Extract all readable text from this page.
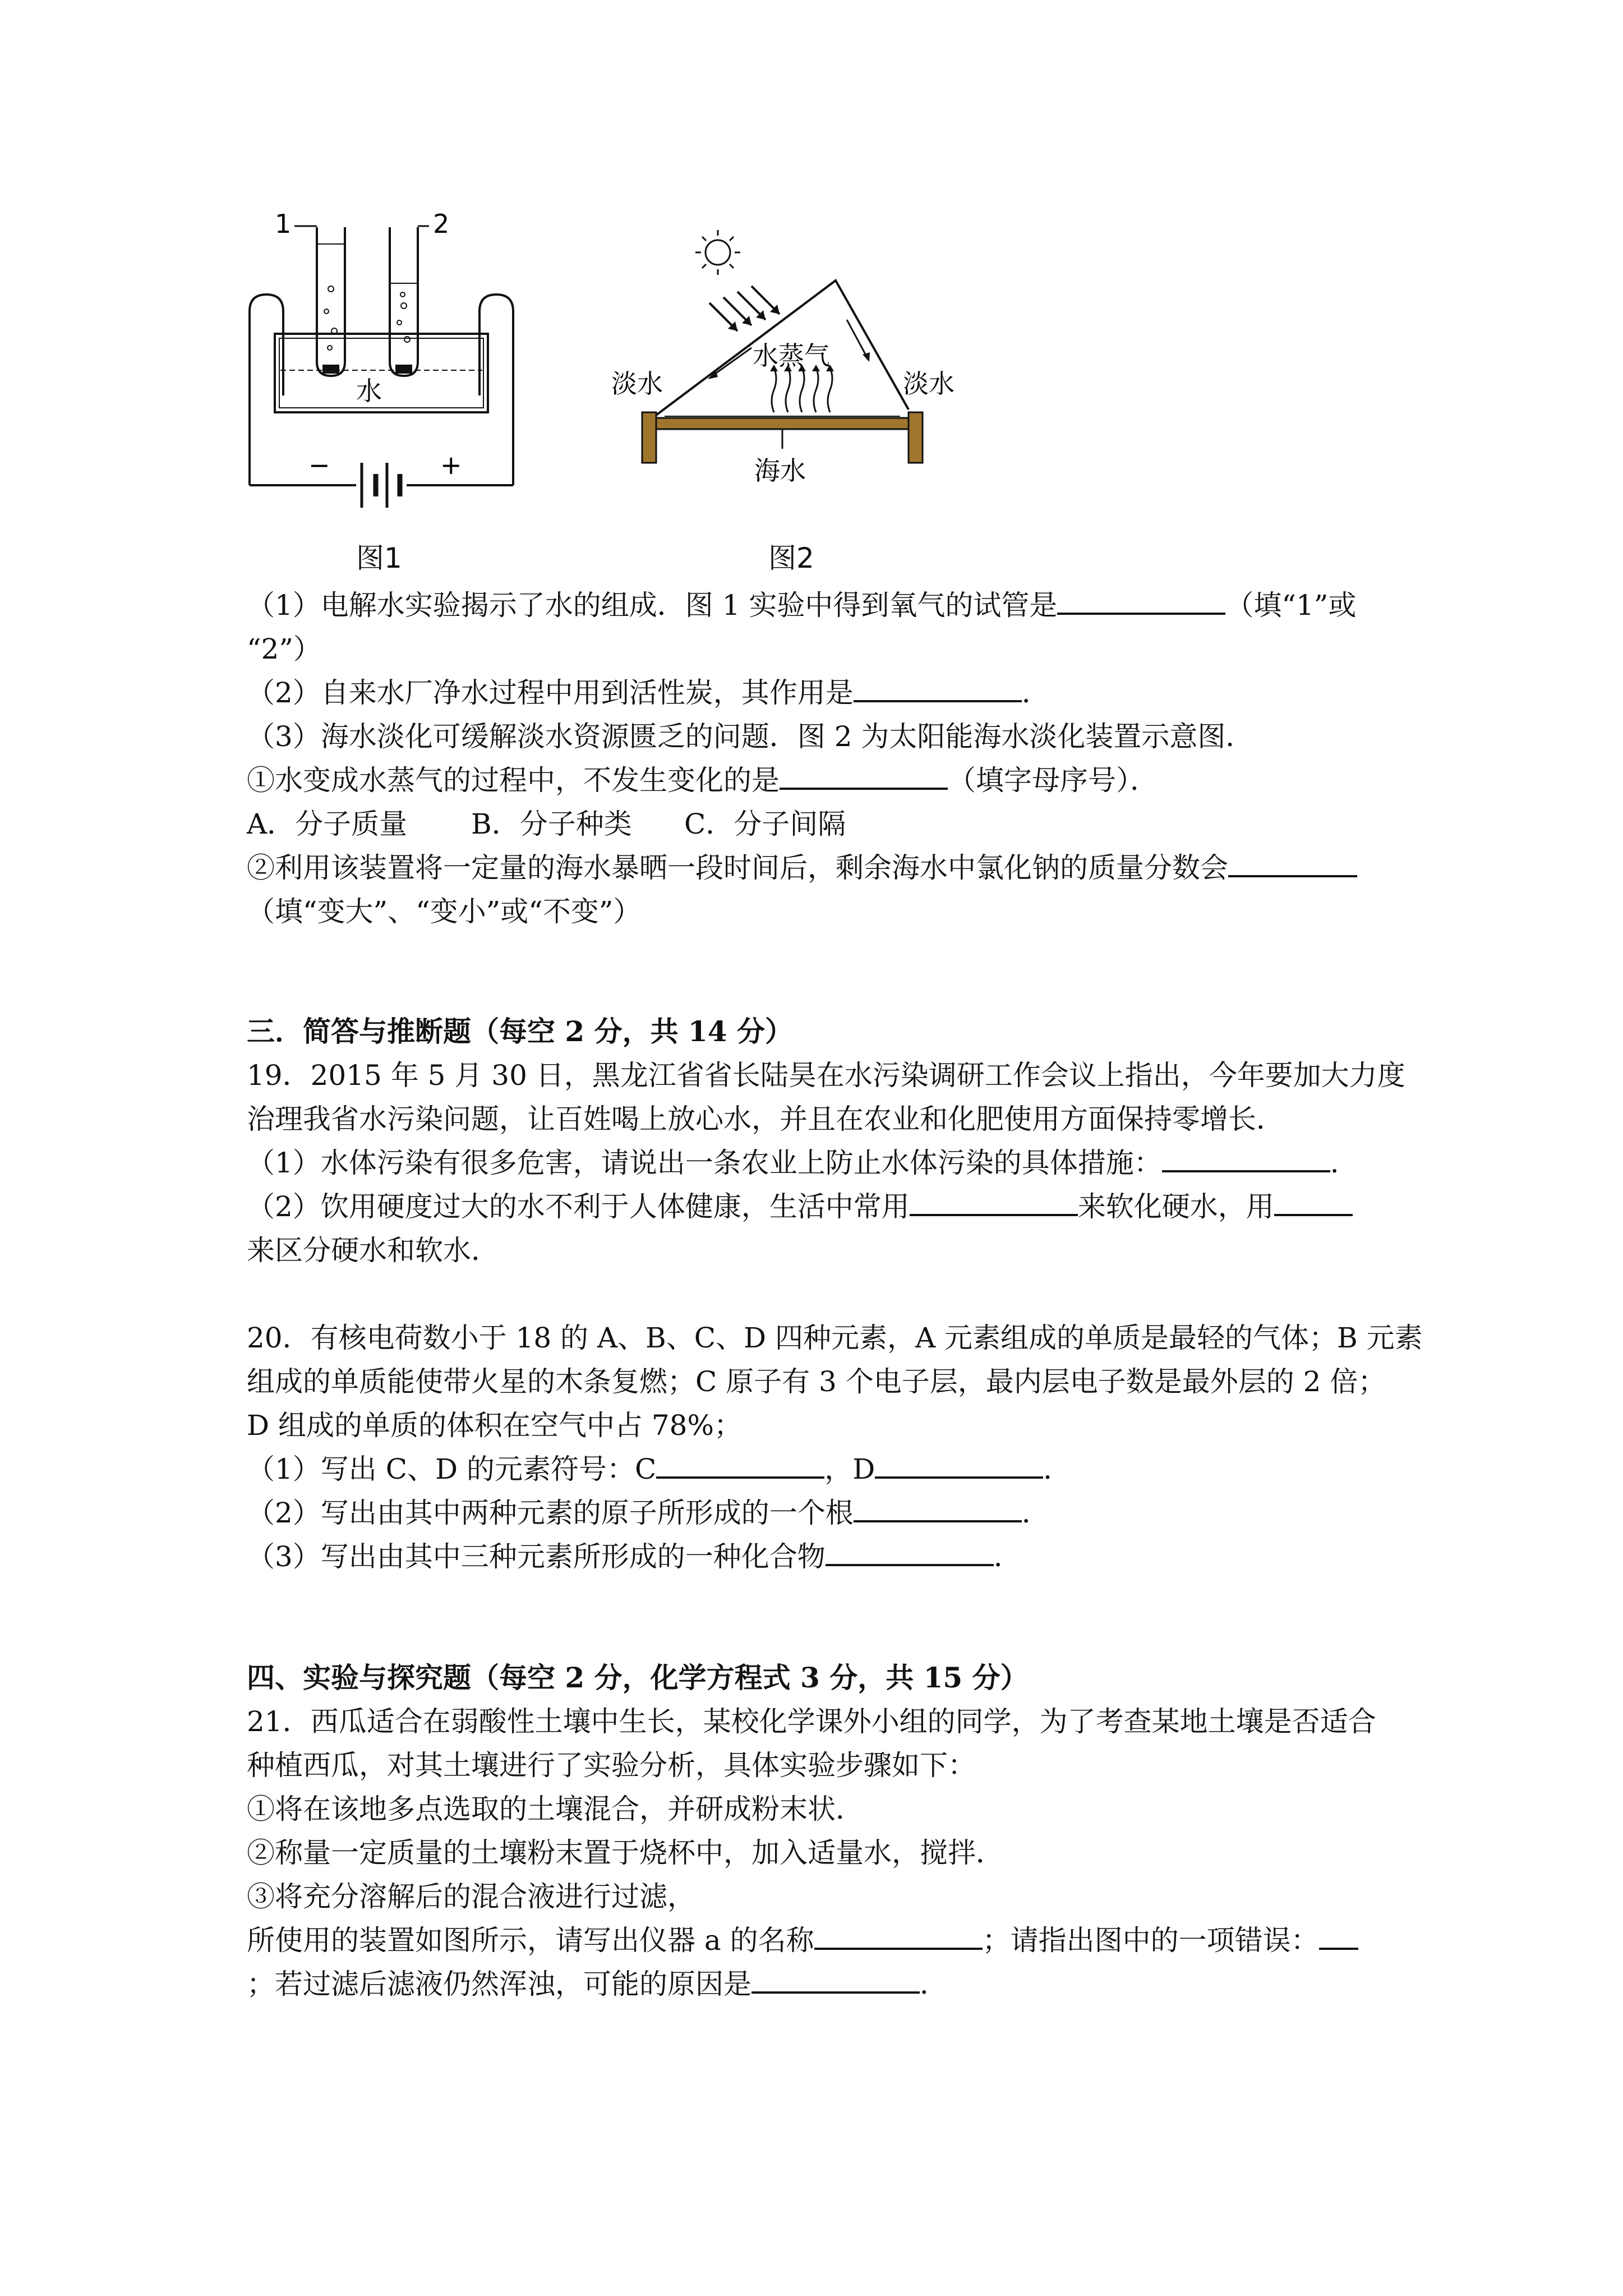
1	2
水
−	+
图1
淡水	淡水
水蒸气
海水
图2
（1）电解水实验揭示了水的组成．图 1 实验中得到氧气的试管是	（填“1”或
“2”）
（2）自来水厂净水过程中用到活性炭，其作用是	．
（3）海水淡化可缓解淡水资源匮乏的问题．图 2 为太阳能海水淡化装置示意图．
①水变成水蒸气的过程中，不发生变化的是	（填字母序号）．
A．分子质量 B．分子种类 C．分子间隔
②利用该装置将一定量的海水暴晒一段时间后，剩余海水中氯化钠的质量分数会
（填“变大”、“变小”或“不变”）
三．简答与推断题（每空 2 分，共 14 分）
19．2015 年 5 月 30 日，黑龙江省省长陆昊在水污染调研工作会议上指出，今年要加大力度
治理我省水污染问题，让百姓喝上放心水，并且在农业和化肥使用方面保持零增长．
（1）水体污染有很多危害，请说出一条农业上防止水体污染的具体措施：	．
（2）饮用硬度过大的水不利于人体健康，生活中常用	来软化硬水，用
来区分硬水和软水．
20．有核电荷数小于 18 的 A、B、C、D 四种元素，A 元素组成的单质是最轻的气体；B 元素
组成的单质能使带火星的木条复燃；C 原子有 3 个电子层，最内层电子数是最外层的 2 倍；
D 组成的单质的体积在空气中占 78%；
（1）写出 C、D 的元素符号：C	，D	．
（2）写出由其中两种元素的原子所形成的一个根	．
（3）写出由其中三种元素所形成的一种化合物	．
四、实验与探究题（每空 2 分，化学方程式 3 分，共 15 分）
21．西瓜适合在弱酸性土壤中生长，某校化学课外小组的同学，为了考查某地土壤是否适合
种植西瓜，对其土壤进行了实验分析，具体实验步骤如下：
①将在该地多点选取的土壤混合，并研成粉末状．
②称量一定质量的土壤粉末置于烧杯中，加入适量水，搅拌．
③将充分溶解后的混合液进行过滤，
所使用的装置如图所示，请写出仪器 a 的名称	；请指出图中的一项错误：
；若过滤后滤液仍然浑浊，可能的原因是	．
